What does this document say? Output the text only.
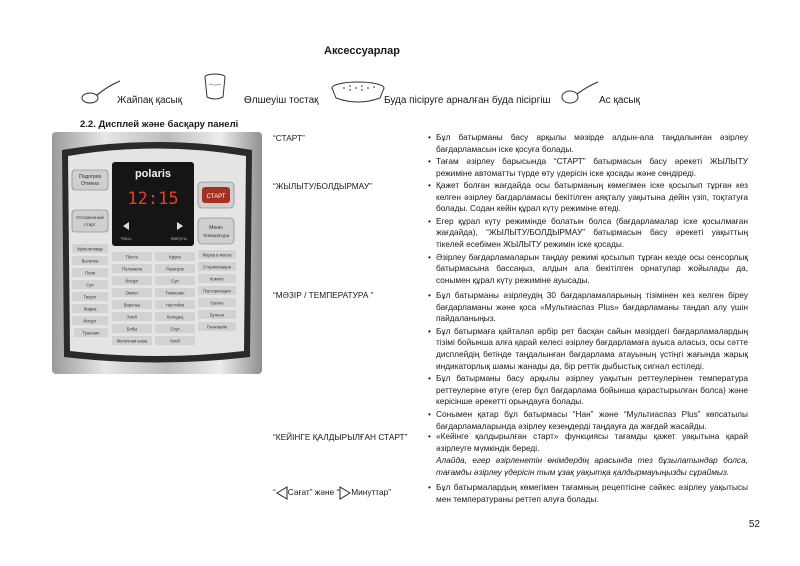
Аксессуарлар
Жайпақ қасық	Өлшеуіш тостақ	Буда пісіруге арналған буда пісіргіш	Ас қасық
2.2. Дисплей және басқару панелі
Подогрев
Отмена
Отложенный
старт
polaris
12:15
Часы	Минуты
СТАРТ
Меню
Температура
Мультиповар
Выпечка
Плов
Суп
Творог
Жарка
Йогурт
Тушение
Паста
Пельмени
Йогурт
Омлет
Варенье
Хлеб
Бобы
Молочная каша
Крупа
Разогрев
Суп
Томление
Настойка
Холодец
Соус
Хлеб
Жарка в масле
Стерилизация
Компот
Пастеризация
Гречка
Бульон
Глинтвейн
“СТАРТ”
“ЖЫЛЫТУ/БОЛДЫРМАУ”
“МӘЗІР / ТЕМПЕРАТУРА ”
“КЕЙІНГЕ ҚАЛДЫРЫЛҒАН СТАРТ”
“ Сағат” және “ Минуттар”
• Бұл батырманы басу арқылы мәзірде алдын-ала таңдалынған әзірлеу бағдарламасын іске қосуға болады.
• Тағам әзірлеу барысында “СТАРТ” батырмасын басу әрекеті ЖЫЛЫТУ режиміне автоматты түрде өту үдерісін іске қосады және сөндіреді.
• Қажет болған жағдайда осы батырманың көмегімен іске қосылып тұрған кез келген әзірлеу бағдарламасы бекітілген аяқталу уақытына дейін үзіп, тоқтатуға болады. Содан кейін құрал күту режиміне өтеді.
• Егер құрал күту режимінде болатын болса (бағдарламалар іске қосылмаған жағдайда), “ЖЫЛЫТУ/БОЛДЫРМАУ” батырмасын басу әрекеті уақыттың тікелей есебімен ЖЫЛЫТУ режимін іске қосады.
• Әзірлеу бағдарламаларын таңдау режимі қосылып тұрған кезде осы сенсорлық батырмасына бассаңыз, алдын ала бекітілген орнатулар жойылады да, сонымен құрал күту режиміне ауысады.
• Бұл батырманы әзірлеудің 30 бағдарламаларының тізімінен кез келген біреу бағдарламаны және қоса «Мультиаспаз Plus» бағдарламаны таңдап алу үшін пайдаланыңыз.
• Бұл батырмаға қайталап әрбір рет басқан сайын мәзірдегі бағдарламалардың тізімі бойынша алға қарай келесі әзірлеу бағдарламаға ауыса аласыз, осы сәтте дисплейдің бетінде таңдалынған бағдарлама атауының үстіңгі жағында жарық индикаторлық шамы жанады да, бір реттік дыбыстық сигнал естіледі.
• Бұл батырманы басу арқылы әзірлеу уақытын реттеулерінен температура реттеулеріне өтуге (егер бұл бағдарлама бойынша қарастырылған болса) және керісінше әрекетті орындауға болады.
• Сонымен қатар бұл батырмасы “Нан” және “Мультиаспаз Plus” көпсатылы бағдарламаларында әзірлеу кезеңдерді таңдауға да жағдай жасайды.
• «Кейінге қалдырылған старт» функциясы тағамды қажет уақытына қарай әзірлеуге мүмкіндік береді.
Алайда, егер әзірленетін өнімдердің арасында тез бұзылатындар болса, тағамды әзірлеу үдерісін тым ұзақ уақытқа қалдырмауыңызды сұраймыз.
• Бұл батырмалардың көмегімен тағамның рецептісіне сәйкес әзірлеу уақытысы мен температураны реттеп алуға болады.
52
